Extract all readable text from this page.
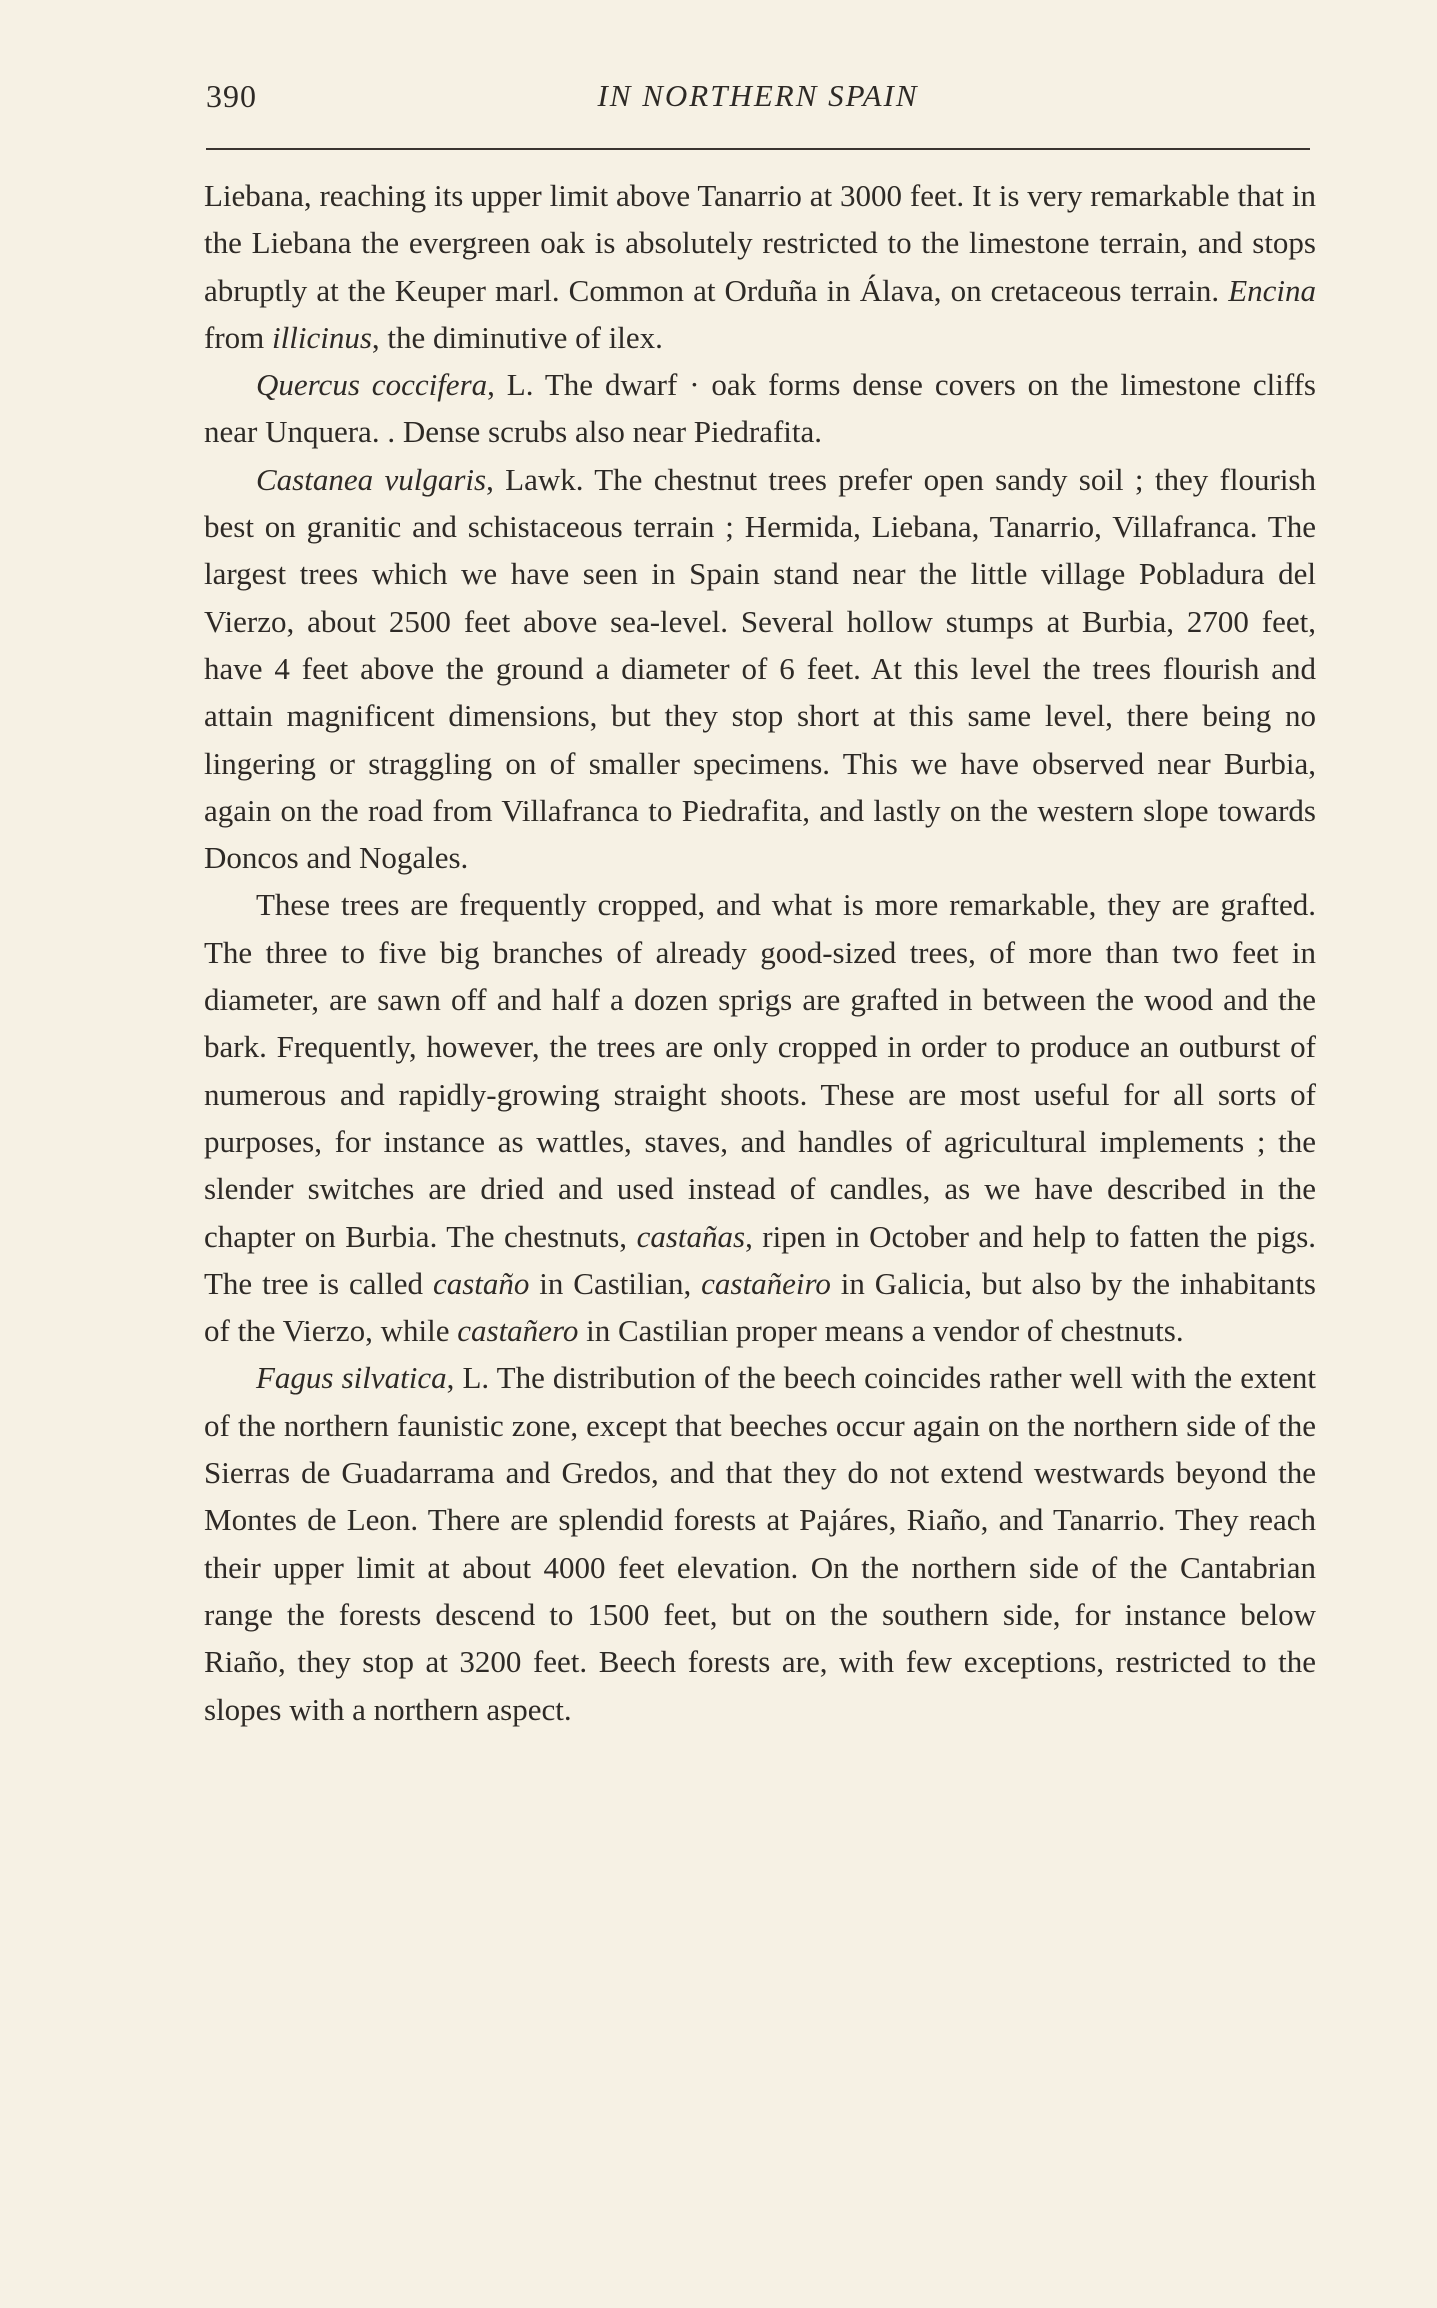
390	IN NORTHERN SPAIN

Liebana, reaching its upper limit above Tanarrio at 3000 feet. It is very remarkable that in the Liebana the evergreen oak is absolutely restricted to the limestone terrain, and stops abruptly at the Keuper marl. Common at Orduña in Álava, on cretaceous terrain. Encina from illicinus, the diminutive of ilex.

Quercus coccifera, L. The dwarf · oak forms dense covers on the limestone cliffs near Unquera. . Dense scrubs also near Piedrafita.

Castanea vulgaris, Lawk. The chestnut trees prefer open sandy soil ; they flourish best on granitic and schistaceous terrain ; Hermida, Liebana, Tanarrio, Villafranca. The largest trees which we have seen in Spain stand near the little village Pobladura del Vierzo, about 2500 feet above sea-level. Several hollow stumps at Burbia, 2700 feet, have 4 feet above the ground a diameter of 6 feet. At this level the trees flourish and attain magnificent dimensions, but they stop short at this same level, there being no lingering or straggling on of smaller specimens. This we have observed near Burbia, again on the road from Villafranca to Piedrafita, and lastly on the western slope towards Doncos and Nogales.

These trees are frequently cropped, and what is more remarkable, they are grafted. The three to five big branches of already good-sized trees, of more than two feet in diameter, are sawn off and half a dozen sprigs are grafted in between the wood and the bark. Frequently, however, the trees are only cropped in order to produce an outburst of numerous and rapidly-growing straight shoots. These are most useful for all sorts of purposes, for instance as wattles, staves, and handles of agricultural implements ; the slender switches are dried and used instead of candles, as we have described in the chapter on Burbia. The chestnuts, castañas, ripen in October and help to fatten the pigs. The tree is called castaño in Castilian, castañeiro in Galicia, but also by the inhabitants of the Vierzo, while castañero in Castilian proper means a vendor of chestnuts.

Fagus silvatica, L. The distribution of the beech coincides rather well with the extent of the northern faunistic zone, except that beeches occur again on the northern side of the Sierras de Guadarrama and Gredos, and that they do not extend westwards beyond the Montes de Leon. There are splendid forests at Pajáres, Riaño, and Tanarrio. They reach their upper limit at about 4000 feet elevation. On the northern side of the Cantabrian range the forests descend to 1500 feet, but on the southern side, for instance below Riaño, they stop at 3200 feet. Beech forests are, with few exceptions, restricted to the slopes with a northern aspect.
